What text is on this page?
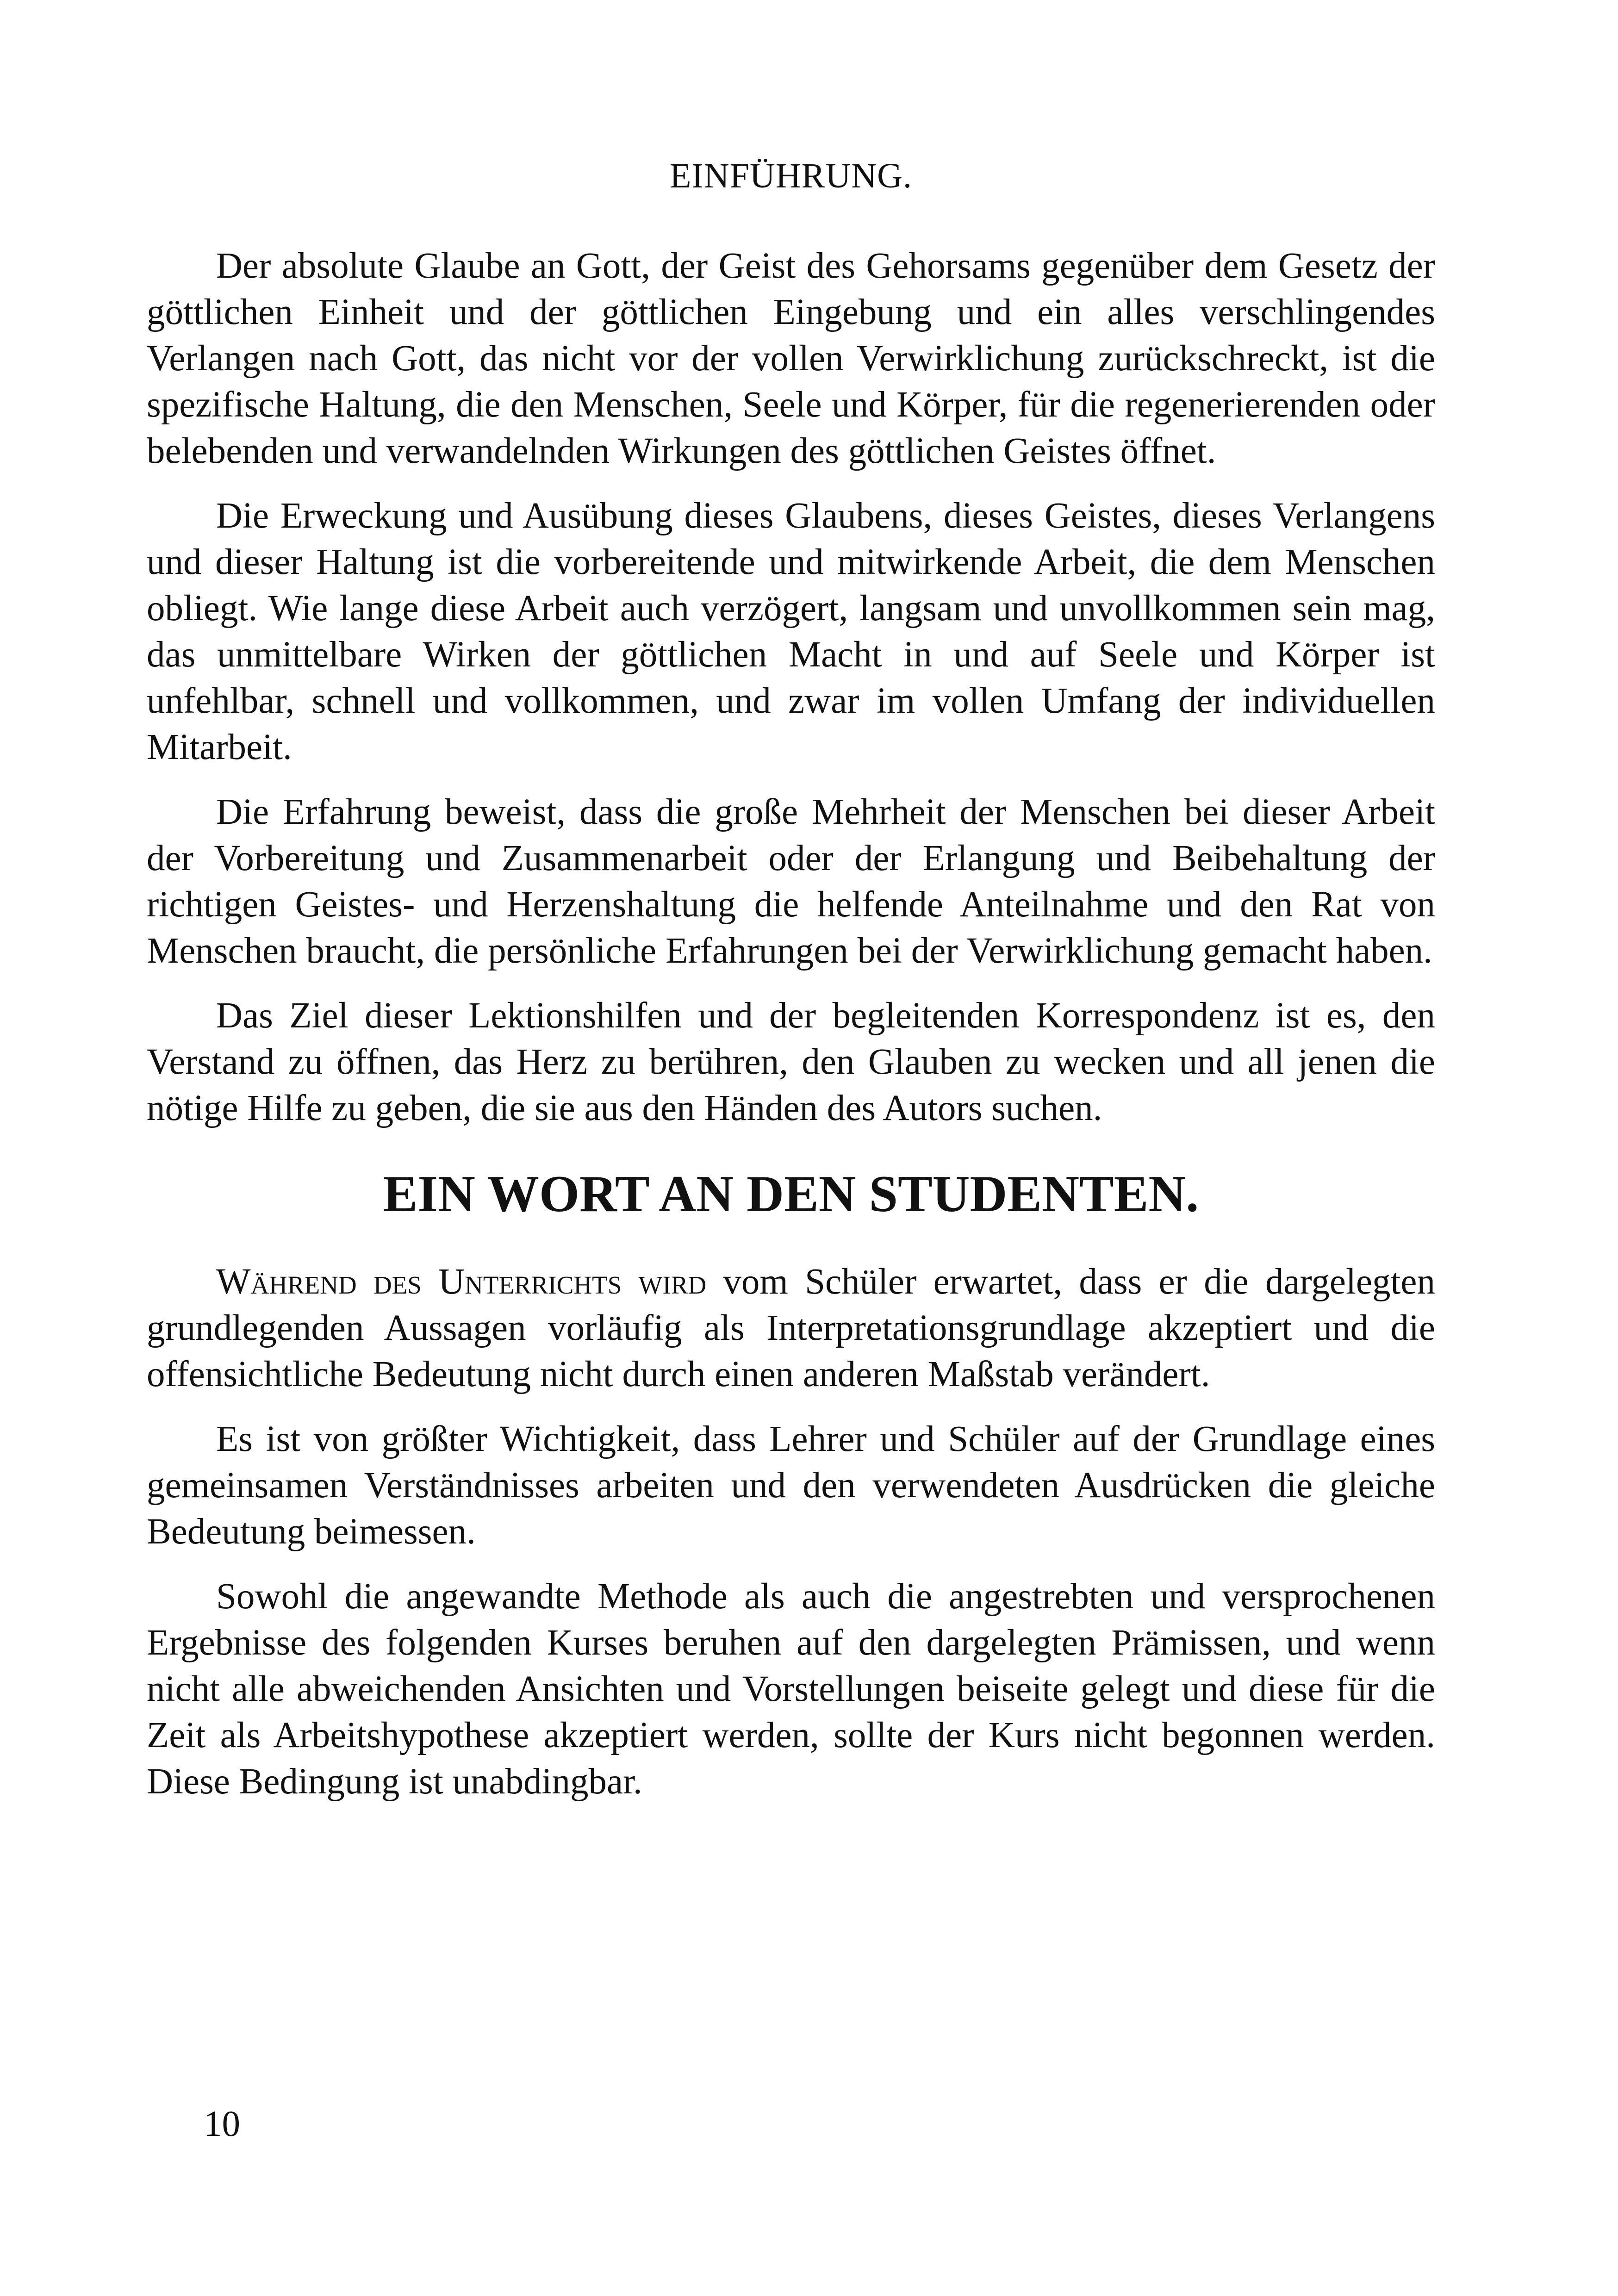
EINFÜHRUNG.

Der absolute Glaube an Gott, der Geist des Gehorsams gegenüber dem Gesetz der göttlichen Einheit und der göttlichen Eingebung und ein alles verschlingendes Verlangen nach Gott, das nicht vor der vollen Verwirklichung zurückschreckt, ist die spezifische Haltung, die den Menschen, Seele und Körper, für die regenerierenden oder belebenden und verwandelnden Wirkungen des göttlichen Geistes öffnet.

Die Erweckung und Ausübung dieses Glaubens, dieses Geistes, dieses Verlangens und dieser Haltung ist die vorbereitende und mitwirkende Arbeit, die dem Menschen obliegt. Wie lange diese Arbeit auch verzögert, langsam und unvollkommen sein mag, das unmittelbare Wirken der göttlichen Macht in und auf Seele und Körper ist unfehlbar, schnell und vollkommen, und zwar im vollen Umfang der individuellen Mitarbeit.

Die Erfahrung beweist, dass die große Mehrheit der Menschen bei dieser Arbeit der Vorbereitung und Zusammenarbeit oder der Erlangung und Beibehaltung der richtigen Geistes- und Herzenshaltung die helfende Anteilnahme und den Rat von Menschen braucht, die persönliche Erfahrungen bei der Verwirklichung gemacht haben.

Das Ziel dieser Lektionshilfen und der begleitenden Korrespondenz ist es, den Verstand zu öffnen, das Herz zu berühren, den Glauben zu wecken und all jenen die nötige Hilfe zu geben, die sie aus den Händen des Autors suchen.

EIN WORT AN DEN STUDENTEN.

Während des Unterrichts wird vom Schüler erwartet, dass er die dargelegten grundlegenden Aussagen vorläufig als Interpretationsgrundlage akzeptiert und die offensichtliche Bedeutung nicht durch einen anderen Maßstab verändert.

Es ist von größter Wichtigkeit, dass Lehrer und Schüler auf der Grundlage eines gemeinsamen Verständnisses arbeiten und den verwendeten Ausdrücken die gleiche Bedeutung beimessen.

Sowohl die angewandte Methode als auch die angestrebten und versprochenen Ergebnisse des folgenden Kurses beruhen auf den dargelegten Prämissen, und wenn nicht alle abweichenden Ansichten und Vorstellungen beiseite gelegt und diese für die Zeit als Arbeitshypothese akzeptiert werden, sollte der Kurs nicht begonnen werden. Diese Bedingung ist unabdingbar.

10
